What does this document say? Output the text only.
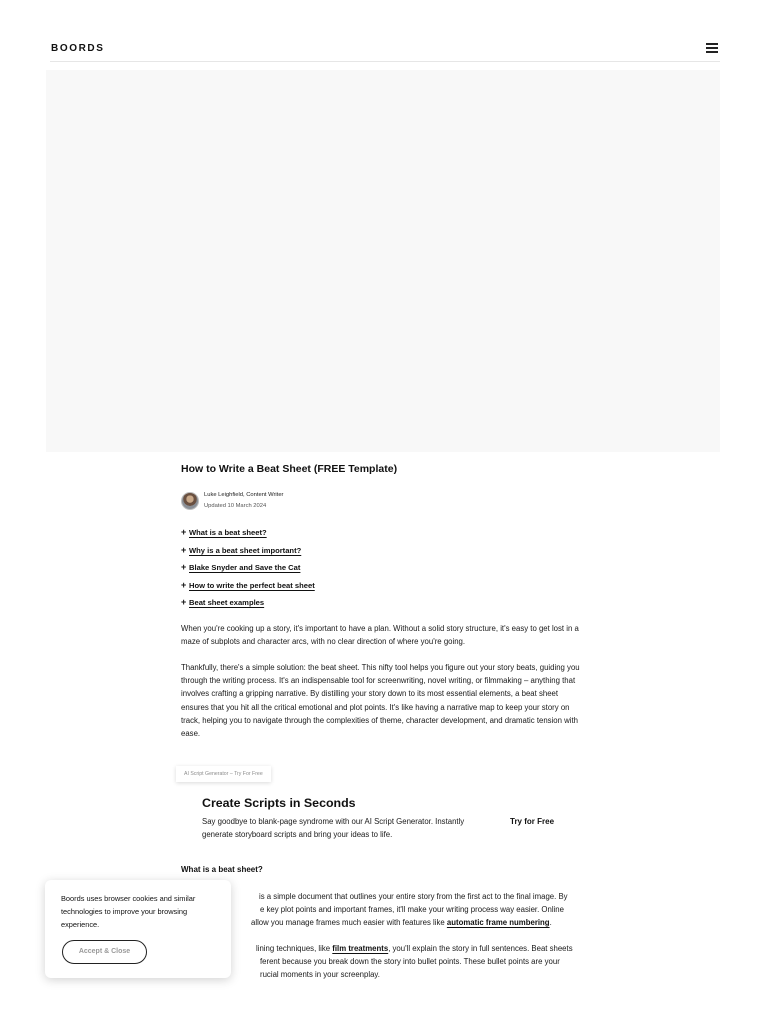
BOORDS
How to Write a Beat Sheet (FREE Template)
Luke Leighfield, Content Writer
Updated 10 March 2024
+ What is a beat sheet?
+ Why is a beat sheet important?
+ Blake Snyder and Save the Cat
+ How to write the perfect beat sheet
+ Beat sheet examples

When you're cooking up a story, it's important to have a plan. Without a solid story structure, it's easy to get lost in a maze of subplots and character arcs, with no clear direction of where you're going.

Thankfully, there's a simple solution: the beat sheet. This nifty tool helps you figure out your story beats, guiding you through the writing process. It's an indispensable tool for screenwriting, novel writing, or filmmaking – anything that involves crafting a gripping narrative. By distilling your story down to its most essential elements, a beat sheet ensures that you hit all the critical emotional and plot points. It's like having a narrative map to keep your story on track, helping you to navigate through the complexities of theme, character development, and dramatic tension with ease.

AI Script Generator – Try For Free
Create Scripts in Seconds
Say goodbye to blank-page syndrome with our AI Script Generator. Instantly generate storyboard scripts and bring your ideas to life.
Try for Free
What is a beat sheet?

is a simple document that outlines your entire story from the first act to the final image. By
e key plot points and important frames, it'll make your writing process way easier. Online
allow you manage frames much easier with features like automatic frame numbering.

lining techniques, like film treatments, you'll explain the story in full sentences. Beat sheets
ferent because you break down the story into bullet points. These bullet points are your
rucial moments in your screenplay.

Boords uses browser cookies and similar technologies to improve your browsing experience.
Accept & Close
